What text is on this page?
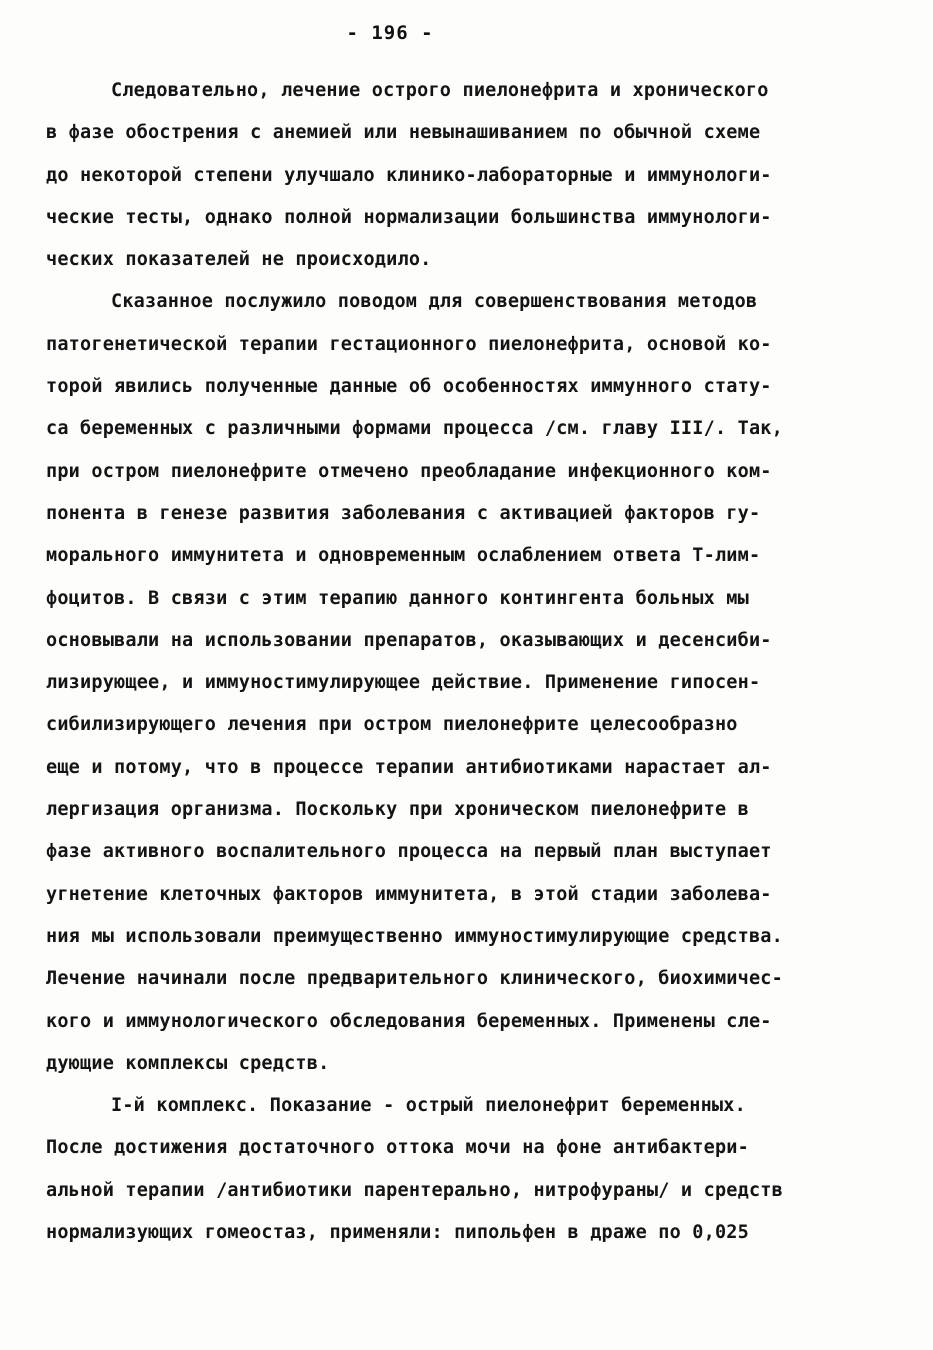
- 196 -
Следовательно, лечение острого пиелонефрита и хронического
в фазе обострения с анемией или невынашиванием по обычной схеме
до некоторой степени улучшало клинико-лабораторные и иммунологи-
ческие тесты, однако полной нормализации большинства иммунологи-
ческих показателей не происходило.
Сказанное послужило поводом для совершенствования методов
патогенетической терапии гестационного пиелонефрита, основой ко-
торой явились полученные данные об особенностях иммунного стату-
са беременных с различными формами процесса /см. главу III/. Так,
при остром пиелонефрите отмечено преобладание инфекционного ком-
понента в генезе развития заболевания с активацией факторов гу-
морального иммунитета и одновременным ослаблением ответа Т-лим-
фоцитов. В связи с этим терапию данного контингента больных мы
основывали на использовании препаратов, оказывающих и десенсиби-
лизирующее, и иммуностимулирующее действие. Применение гипосен-
сибилизирующего лечения при остром пиелонефрите целесообразно
еще и потому, что в процессе терапии антибиотиками нарастает ал-
лергизация организма. Поскольку при хроническом пиелонефрите в
фазе активного воспалительного процесса на первый план выступает
угнетение клеточных факторов иммунитета, в этой стадии заболева-
ния мы использовали преимущественно иммуностимулирующие средства.
Лечение начинали после предварительного клинического, биохимичес-
кого и иммунологического обследования беременных. Применены сле-
дующие комплексы средств.
I-й комплекс. Показание - острый пиелонефрит беременных.
После достижения достаточного оттока мочи на фоне антибактери-
альной терапии /антибиотики парентерально, нитрофураны/ и средств
нормализующих гомеостаз, применяли: пипольфен в драже по 0,025
